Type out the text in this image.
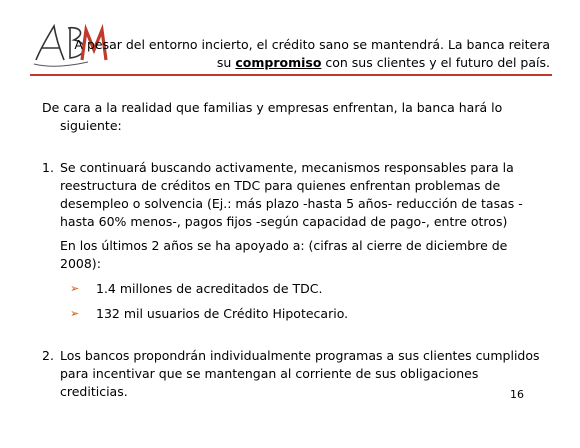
A pesar del entorno incierto, el crédito sano se mantendrá. La banca reitera
su compromiso con sus clientes y el futuro del país.
De cara a la realidad que familias y empresas enfrentan, la banca hará lo siguiente:
1. Se continuará buscando activamente, mecanismos responsables para la reestructura de créditos en TDC para quienes enfrentan problemas de desempleo o solvencia (Ej.: más plazo -hasta 5 años- reducción de tasas -hasta 60% menos-, pagos fijos -según capacidad de pago-, entre otros)
En los últimos 2 años se ha apoyado a: (cifras al cierre de diciembre de 2008):
➢ 1.4 millones de acreditados de TDC.
➢ 132 mil usuarios de Crédito Hipotecario.
2. Los bancos propondrán individualmente programas a sus clientes cumplidos para incentivar que se mantengan al corriente de sus obligaciones crediticias.	16
